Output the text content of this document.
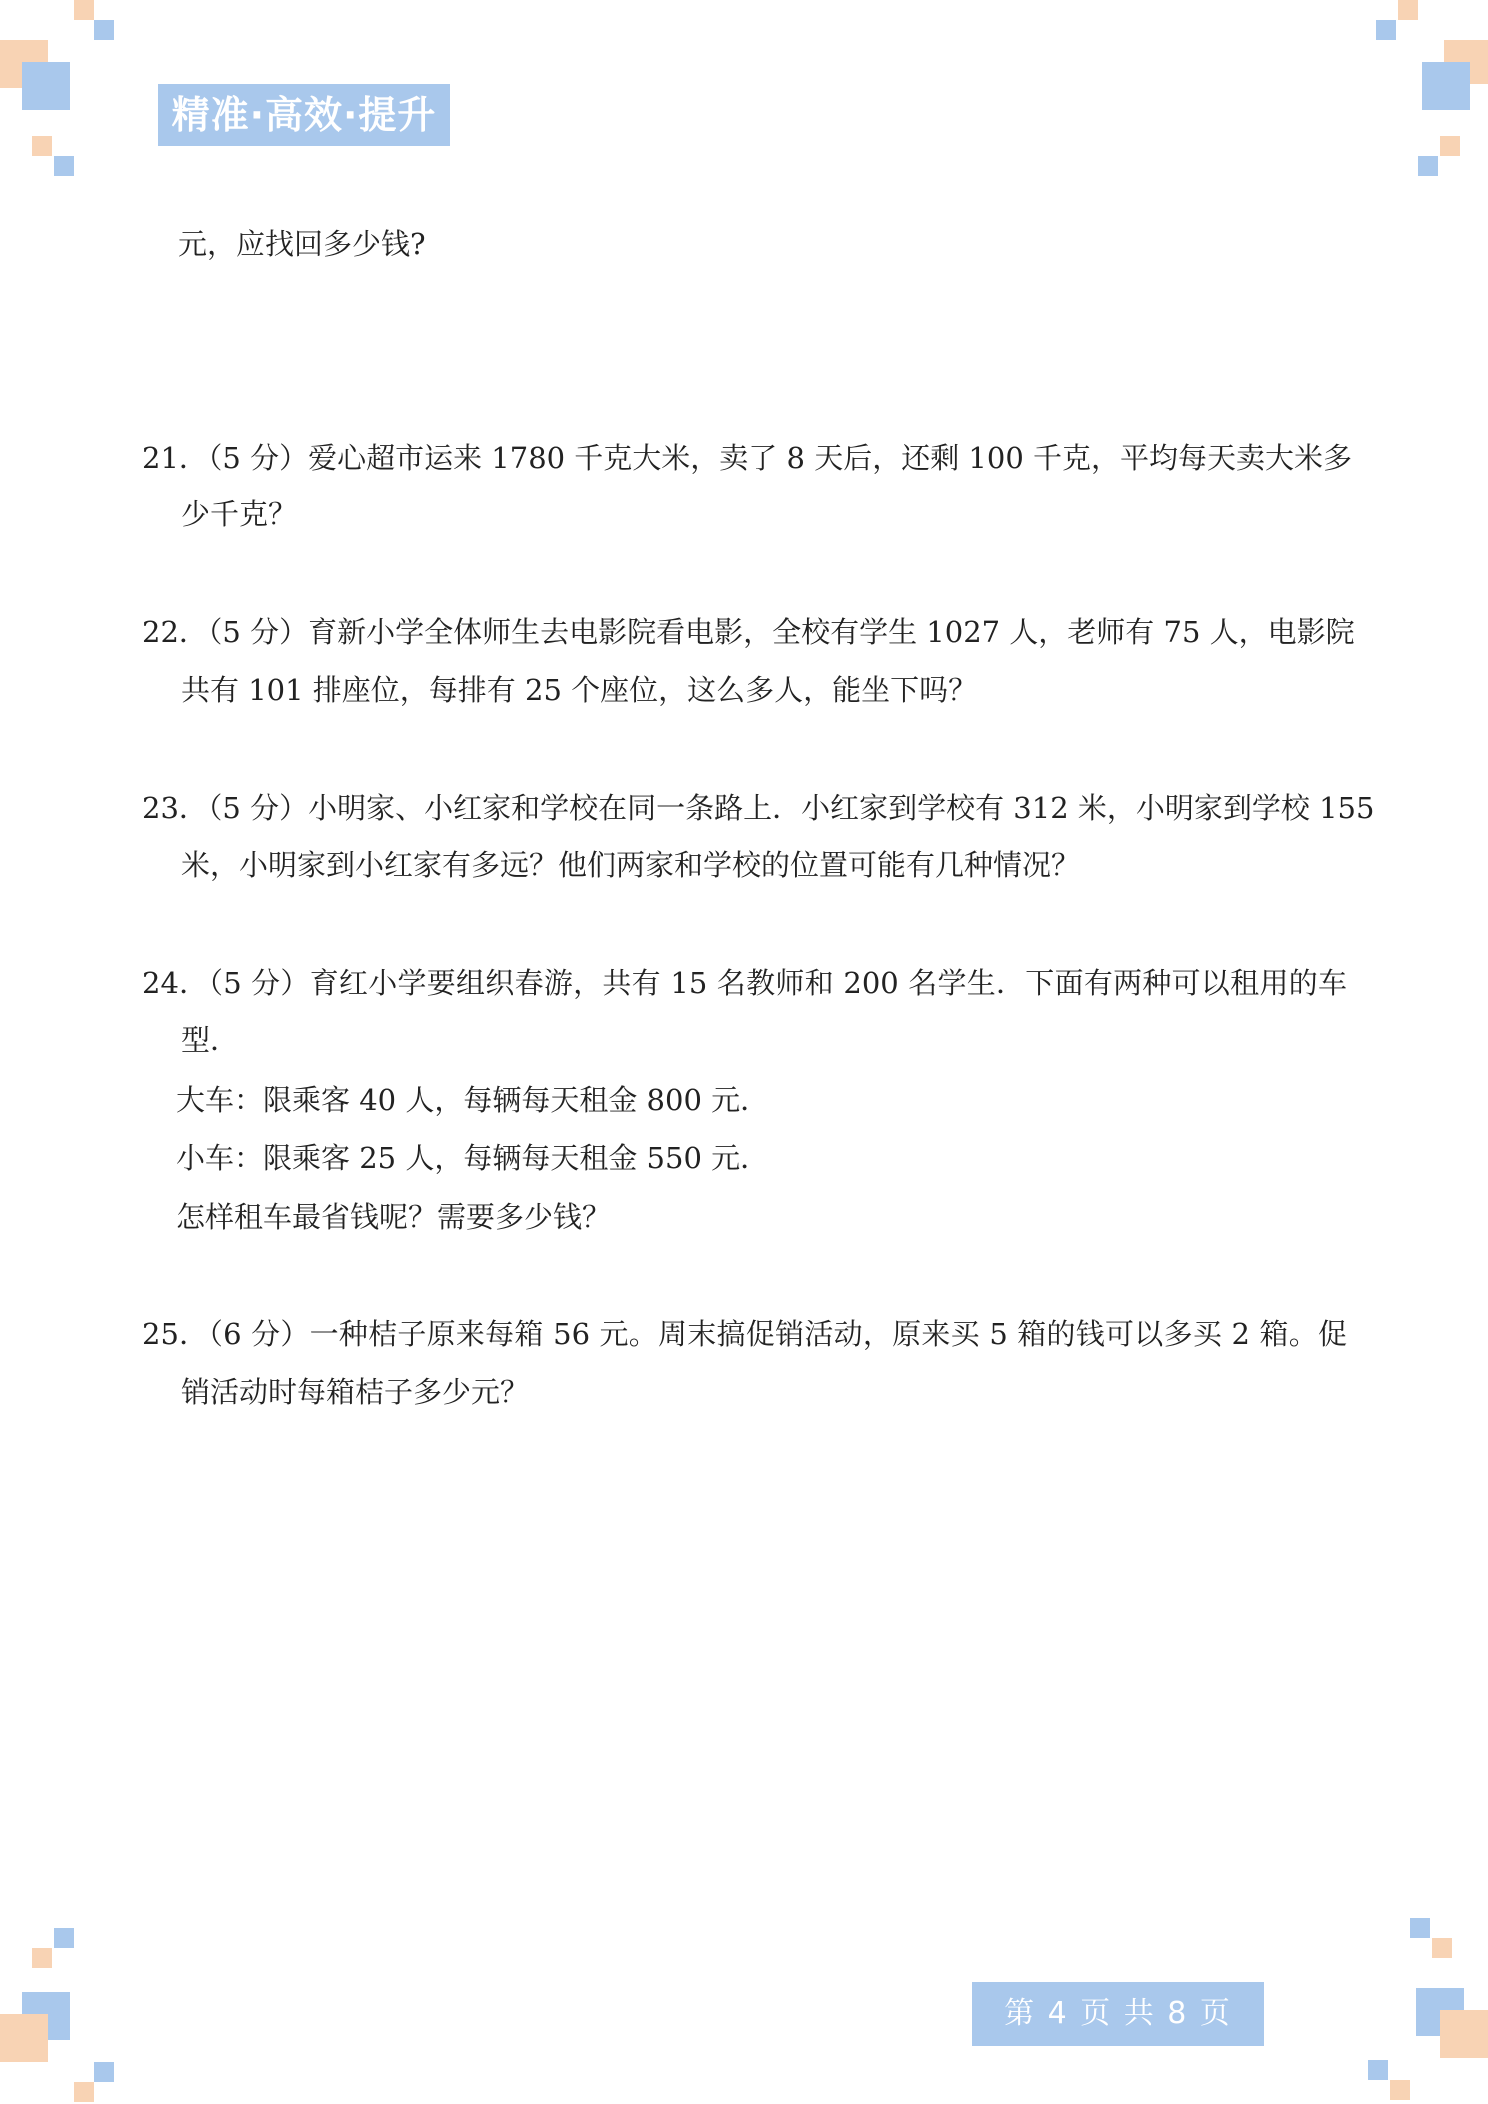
精准·高效·提升
元，应找回多少钱?
21．（5 分）爱心超市运来 1780 千克大米，卖了 8 天后，还剩 100 千克，平均每天卖大米多
少千克？
22．（5 分）育新小学全体师生去电影院看电影，全校有学生 1027 人，老师有 75 人，电影院
共有 101 排座位，每排有 25 个座位，这么多人，能坐下吗？
23．（5 分）小明家、小红家和学校在同一条路上．小红家到学校有 312 米，小明家到学校 155
米，小明家到小红家有多远？他们两家和学校的位置可能有几种情况？
24．（5 分）育红小学要组织春游，共有 15 名教师和 200 名学生．下面有两种可以租用的车
型．
大车：限乘客 40 人，每辆每天租金 800 元．
小车：限乘客 25 人，每辆每天租金 550 元．
怎样租车最省钱呢？需要多少钱？
25．（6 分）一种桔子原来每箱 56 元。周末搞促销活动，原来买 5 箱的钱可以多买 2 箱。促
销活动时每箱桔子多少元？
第 4 页 共 8 页
